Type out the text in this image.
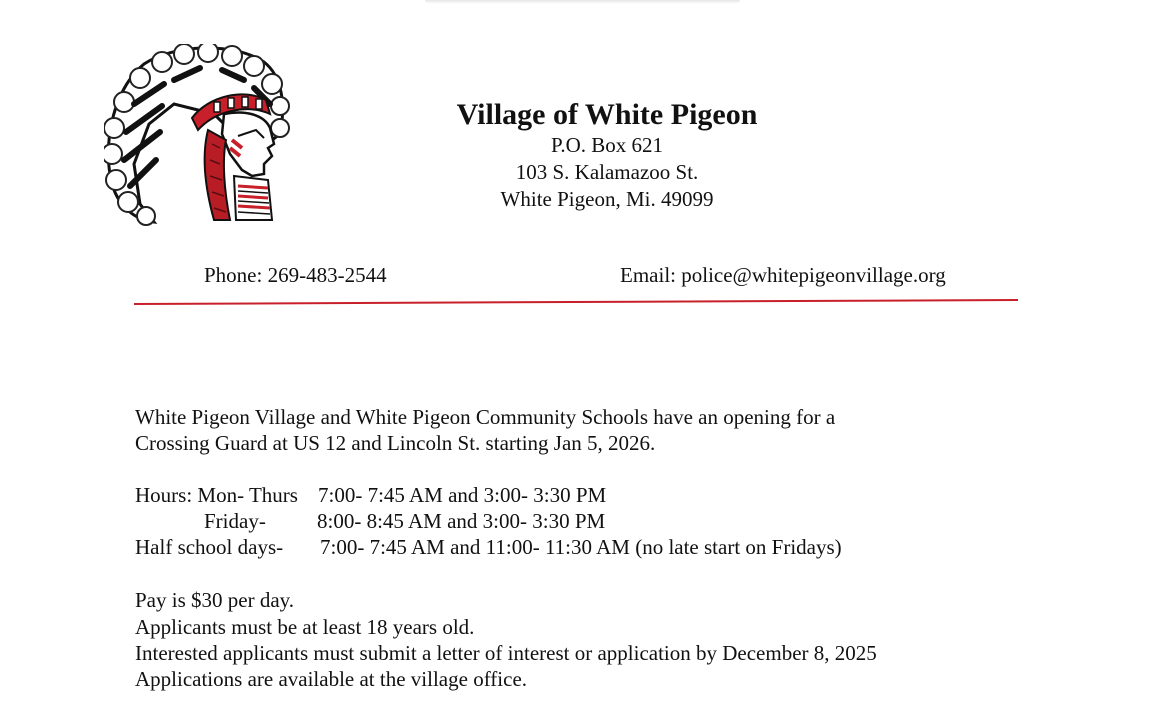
Village of White Pigeon
P.O. Box 621
103 S. Kalamazoo St.
White Pigeon, Mi. 49099
Phone: 269-483-2544	Email: police@whitepigeonvillage.org
White Pigeon Village and White Pigeon Community Schools have an opening for a
Crossing Guard at US 12 and Lincoln St. starting Jan 5, 2026.
Hours: Mon- Thurs 7:00- 7:45 AM and 3:00- 3:30 PM
Friday- 8:00- 8:45 AM and 3:00- 3:30 PM
Half school days- 7:00- 7:45 AM and 11:00- 11:30 AM (no late start on Fridays)
Pay is $30 per day.
Applicants must be at least 18 years old.
Interested applicants must submit a letter of interest or application by December 8, 2025
Applications are available at the village office.
